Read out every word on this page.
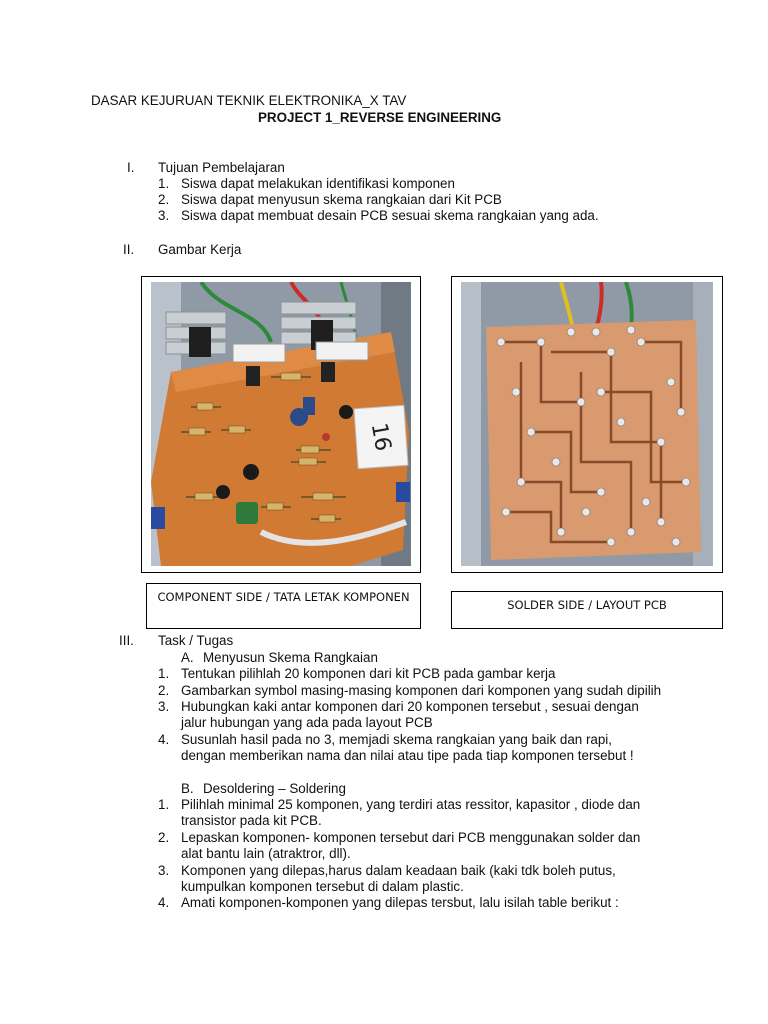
DASAR KEJURUAN TEKNIK ELEKTRONIKA_X TAV
PROJECT 1_REVERSE ENGINEERING
I. Tujuan Pembelajaran
1. Siswa dapat melakukan identifikasi komponen
2. Siswa dapat menyusun skema rangkaian dari Kit PCB
3. Siswa dapat membuat desain PCB sesuai skema rangkaian yang ada.
II. Gambar Kerja
16
COMPONENT SIDE / TATA LETAK KOMPONEN
SOLDER SIDE / LAYOUT PCB
III. Task / Tugas
A. Menyusun Skema Rangkaian
1. Tentukan pilihlah 20 komponen dari kit PCB pada gambar kerja
2. Gambarkan symbol masing-masing komponen dari komponen yang sudah dipilih
3. Hubungkan kaki antar komponen dari 20 komponen tersebut , sesuai dengan
jalur hubungan yang ada pada layout PCB
4. Susunlah hasil pada no 3, memjadi skema rangkaian yang baik dan rapi,
dengan memberikan nama dan nilai atau tipe pada tiap komponen tersebut !
B. Desoldering – Soldering
1. Pilihlah minimal 25 komponen, yang terdiri atas ressitor, kapasitor , diode dan
transistor pada kit PCB.
2. Lepaskan komponen- komponen tersebut dari PCB menggunakan solder dan
alat bantu lain (atraktror, dll).
3. Komponen yang dilepas,harus dalam keadaan baik (kaki tdk boleh putus,
kumpulkan komponen tersebut di dalam plastic.
4. Amati komponen-komponen yang dilepas tersbut, lalu isilah table berikut :
